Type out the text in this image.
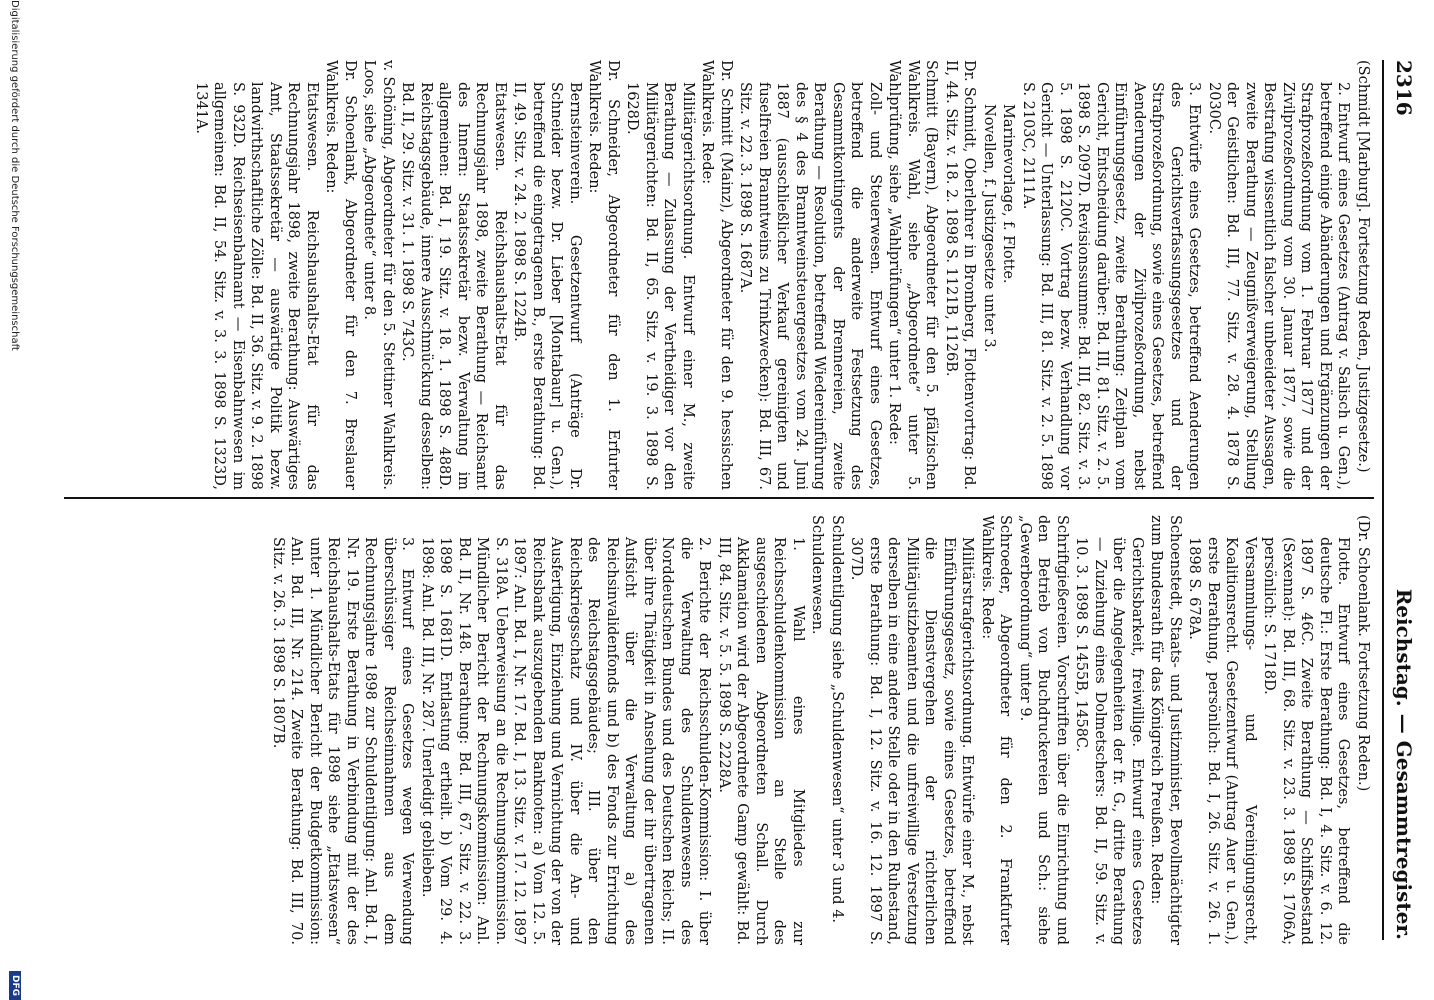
2316
Reichstag. — Gesammtregister.
(Schmidt [Marburg]. Fortsetzung Reden, Justizgesetze.)
2. Entwurf eines Gesetzes (Antrag v. Salisch u. Gen.), betreffend einige Abänderungen und Ergänzungen der Strafprozeßordnung vom 1. Februar 1877 und der Zivilprozeßordnung vom 30. Januar 1877, sowie die Bestrafung wissentlich falscher unbeeideter Aussagen, zweite Berathung — Zeugnißverweigerung, Stellung der Geistlichen: Bd. III, 77. Sitz. v. 28. 4. 1878 S. 2030C.
3. Entwürfe eines Gesetzes, betreffend Aenderungen des Gerichtsverfassungsgesetzes und der Strafprozeßordnung, sowie eines Gesetzes, betreffend Aenderungen der Zivilprozeßordnung, nebst Einführungsgesetz, zweite Berathung: Zeitplan vom Gericht, Entscheidung darüber: Bd. III, 81. Sitz. v. 2. 5. 1898 S. 2097D. Revisionssumme: Bd. III, 82. Sitz. v. 3. 5. 1898 S. 2120C. Vortrag bezw. Verhandlung vor Gericht — Unterlassung: Bd. III, 81. Sitz. v. 2. 5. 1898 S. 2103C, 2111A.
Marinevorlage, f. Flotte.
Novellen, f. Justizgesetze unter 3.
Dr. Schmidt, Oberlehrer in Bromberg, Flottenvortrag: Bd. II, 44. Sitz. v. 18. 2. 1898 S. 1121B, 1126B.
Schmitt (Bayern), Abgeordneter für den 5. pfälzischen Wahlkreis. Wahl, siehe „Abgeordnete“ unter 5. Wahlprüfung, siehe „Wahlprüfungen“ unter 1. Rede:
Zoll- und Steuerwesen. Entwurf eines Gesetzes, betreffend die anderweite Festsetzung des Gesammtkontingents der Brennereien, zweite Berathung — Resolution, betreffend Wiedereinführung des § 4 des Branntweinsteuergesetzes vom 24. Juni 1887 (ausschließlicher Verkauf gereinigten und fuselfreien Branntweins zu Trinkzwecken): Bd. III, 67. Sitz. v. 22. 3. 1898 S. 1687A.
Dr. Schmitt (Mainz), Abgeordneter für den 9. hessischen Wahlkreis. Rede:
Militärgerichtsordnung. Entwurf einer M., zweite Berathung — Zulassung der Vertheidiger vor den Militärgerichten: Bd. II, 65. Sitz. v. 19. 3. 1898 S. 1628D.
Dr. Schneider, Abgeordneter für den 1. Erfurter Wahlkreis. Reden:
Bernsteinverein. Gesetzentwurf (Anträge Dr. Schneider bezw. Dr. Lieber [Montabaur] u. Gen.), betreffend die eingetragenen B., erste Berathung: Bd. II, 49. Sitz. v. 24. 2. 1898 S. 1224B.
Etatswesen. Reichshaushalts-Etat für das Rechnungsjahr 1898, zweite Berathung — Reichsamt des Innern: Staatssekretär bezw. Verwaltung im allgemeinen: Bd. I, 19. Sitz. v. 18. 1. 1898 S. 488D. Reichstagsgebäude, innere Ausschmückung desselben: Bd. II, 29. Sitz. v. 31. 1. 1898 S. 743C.
v. Schöning, Abgeordneter für den 5. Stettiner Wahlkreis. Loos, siehe „Abgeordnete“ unter 8.
Dr. Schoenlank, Abgeordneter für den 7. Breslauer Wahlkreis. Reden:
Etatswesen. Reichshaushalts-Etat für das Rechnungsjahr 1898, zweite Berathung: Auswärtiges Amt, Staatssekretär — auswärtige Politik bezw. landwirthschaftliche Zölle: Bd. II, 36. Sitz. v. 9. 2. 1898 S. 932D. Reichseisenbahnamt — Eisenbahnwesen im allgemeinen: Bd. II, 54. Sitz. v. 3. 3. 1898 S. 1323D, 1341A.
(Dr. Schoenlank. Fortsetzung Reden.)
Flotte. Entwurf eines Gesetzes, betreffend die deutsche Fl.: Erste Berathung: Bd. I, 4. Sitz. v. 6. 12. 1897 S. 46C. Zweite Berathung — Schiffsbestand (Sexennat): Bd. III, 68. Sitz. v. 23. 3. 1898 S. 1706A; persönlich: S. 1718D.
Versammlungs- und Vereinigungsrecht, Koalitionsrecht. Gesetzentwurf (Antrag Auer u. Gen.), erste Berathung, persönlich: Bd. I, 26. Sitz. v. 26. 1. 1898 S. 678A.
Schoenstedt, Staats- und Justizminister, Bevollmächtigter zum Bundesrath für das Königreich Preußen. Reden:
Gerichtsbarkeit, freiwillige. Entwurf eines Gesetzes über die Angelegenheiten der fr. G., dritte Berathung — Zuziehung eines Dolmetschers: Bd. II, 59. Sitz. v. 10. 3. 1898 S. 1455B, 1458C.
Schriftgießereien. Vorschriften über die Einrichtung und den Betrieb von Buchdruckereien und Sch.: siehe „Gewerbeordnung“ unter 9.
Schroeder, Abgeordneter für den 2. Frankfurter Wahlkreis. Rede:
Militärstrafgerichtsordnung. Entwürfe einer M., nebst Einführungsgesetz, sowie eines Gesetzes, betreffend die Dienstvergehen der richterlichen Militärjustizbeamten und die unfreiwillige Versetzung derselben in eine andere Stelle oder in den Ruhestand, erste Berathung: Bd. I, 12. Sitz. v. 16. 12. 1897 S. 307D.
Schuldentilgung siehe „Schuldenwesen“ unter 3 und 4.
Schuldenwesen.
1. Wahl eines Mitgliedes zur Reichsschuldenkommission an Stelle des ausgeschiedenen Abgeordneten Schall. Durch Akklamation wird der Abgeordnete Gamp gewählt: Bd. III, 84. Sitz. v. 5. 5. 1898 S. 2228A.
2. Berichte der Reichsschulden-Kommission: I. über die Verwaltung des Schuldenwesens des Norddeutschen Bundes und des Deutschen Reichs; II. über ihre Thätigkeit in Ansehung der ihr übertragenen Aufsicht über die Verwaltung a) des Reichsinvalidenfonds und b) des Fonds zur Errichtung des Reichstagsgebäudes; III. über den Reichskriegsschatz und IV. über die An- und Ausfertigung, Einziehung und Vernichtung der von der Reichsbank auszugebenden Banknoten: a) Vom 12. 5. 1897: Anl. Bd. I, Nr. 17. Bd. I, 13. Sitz. v. 17. 12. 1897 S. 318A. Ueberweisung an die Rechnungskommission. Mündlicher Bericht der Rechnungskommission: Anl. Bd. II, Nr. 148. Berathung: Bd. III, 67. Sitz. v. 22. 3. 1898 S. 1681D. Entlastung ertheilt. b) Vom 29. 4. 1898: Anl. Bd. III, Nr. 287. Unerledigt geblieben.
3. Entwurf eines Gesetzes wegen Verwendung überschüssiger Reichseinnahmen aus dem Rechnungsjahre 1898 zur Schuldentilgung: Anl. Bd. I, Nr. 19. Erste Berathung in Verbindung mit der des Reichshaushalts-Etats für 1898 siehe „Etatswesen“ unter 1. Mündlicher Bericht der Budgetkommission: Anl. Bd. III, Nr. 214. Zweite Berathung: Bd. III, 70. Sitz. v. 26. 3. 1898 S. 1807B.
Digitalisierung gefördert durch die Deutsche Forschungsgemeinschaft
DFG
